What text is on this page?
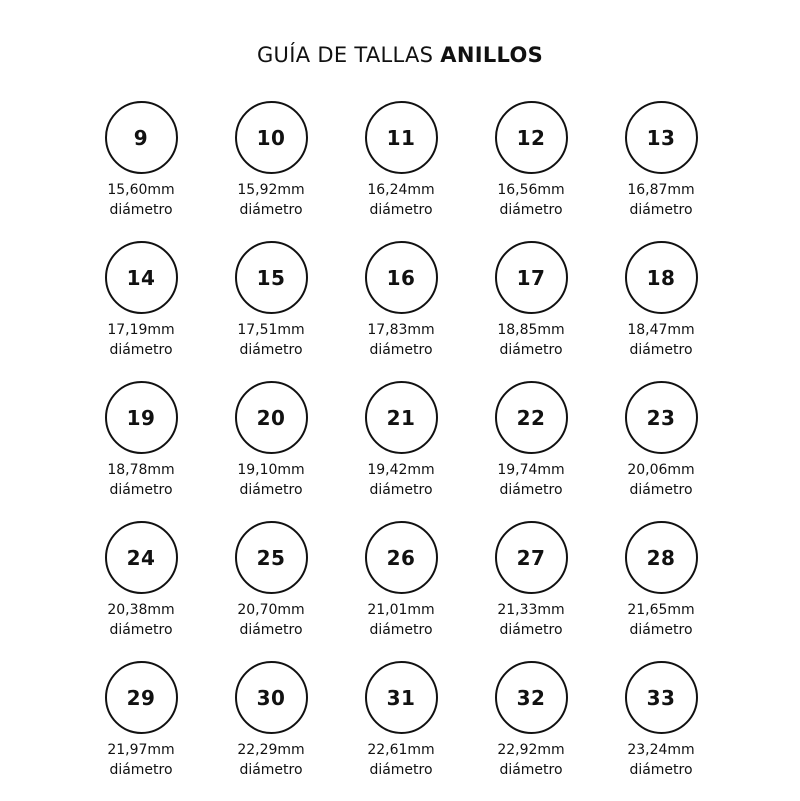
GUÍA DE TALLAS ANILLOS
9
15,60mm
diámetro
10
15,92mm
diámetro
11
16,24mm
diámetro
12
16,56mm
diámetro
13
16,87mm
diámetro
14
17,19mm
diámetro
15
17,51mm
diámetro
16
17,83mm
diámetro
17
18,85mm
diámetro
18
18,47mm
diámetro
19
18,78mm
diámetro
20
19,10mm
diámetro
21
19,42mm
diámetro
22
19,74mm
diámetro
23
20,06mm
diámetro
24
20,38mm
diámetro
25
20,70mm
diámetro
26
21,01mm
diámetro
27
21,33mm
diámetro
28
21,65mm
diámetro
29
21,97mm
diámetro
30
22,29mm
diámetro
31
22,61mm
diámetro
32
22,92mm
diámetro
33
23,24mm
diámetro
